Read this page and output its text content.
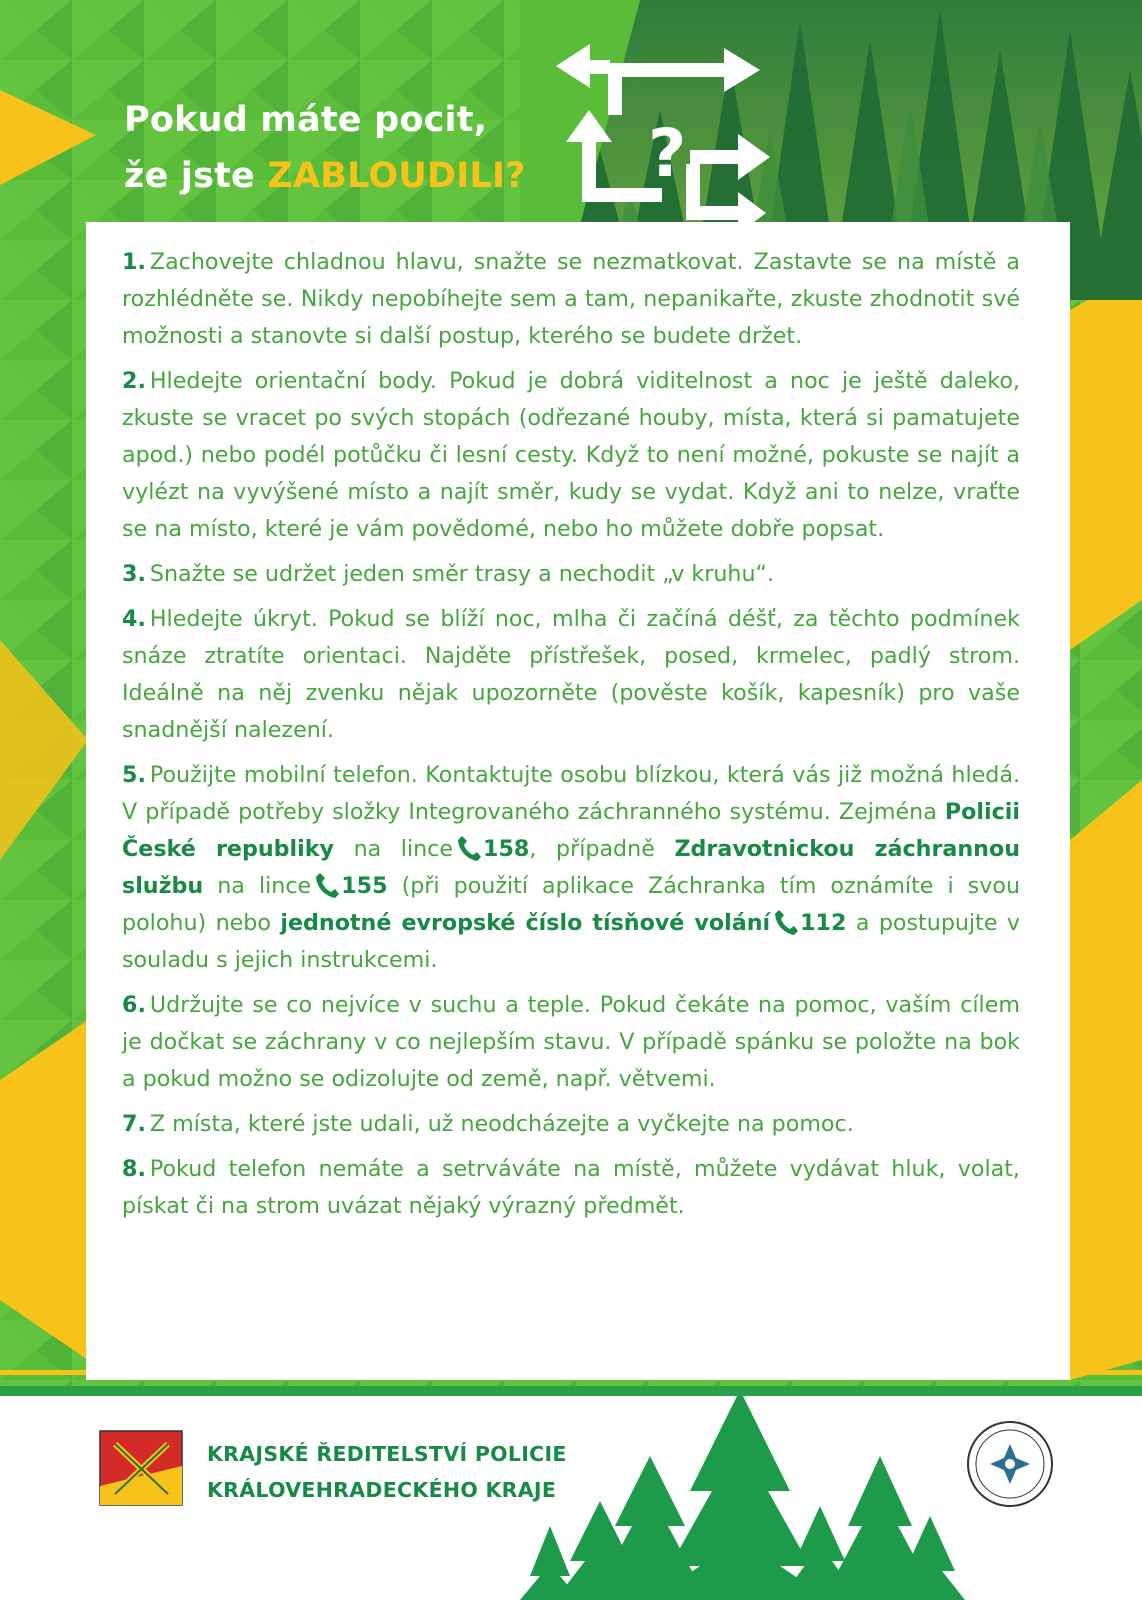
?
Pokud máte pocit,
že jste ZABLOUDILI?

1. Zachovejte chladnou hlavu, snažte se nezmatkovat. Zastavte se na místě a rozhlédněte se. Nikdy nepobíhejte sem a tam, nepanikařte, zkuste zhodnotit své možnosti a stanovte si další postup, kterého se budete držet.

2. Hledejte orientační body. Pokud je dobrá viditelnost a noc je ještě daleko, zkuste se vracet po svých stopách (odřezané houby, místa, která si pamatujete apod.) nebo podél potůčku či lesní cesty. Když to není možné, pokuste se najít a vylézt na vyvýšené místo a najít směr, kudy se vydat. Když ani to nelze, vraťte se na místo, které je vám povědomé, nebo ho můžete dobře popsat.

3. Snažte se udržet jeden směr trasy a nechodit „v kruhu“.

4. Hledejte úkryt. Pokud se blíží noc, mlha či začíná déšť, za těchto podmínek snáze ztratíte orientaci. Najděte přístřešek, posed, krmelec, padlý strom. Ideálně na něj zvenku nějak upozorněte (pověste košík, kapesník) pro vaše snadnější nalezení.

5. Použijte mobilní telefon. Kontaktujte osobu blízkou, která vás již možná hledá. V případě potřeby složky Integrovaného záchranného systému. Zejména Policii České republiky na lince 158, případně Zdravotnickou záchrannou službu na lince 155 (při použití aplikace Záchranka tím oznámíte i svou polohu) nebo jednotné evropské číslo tísňové volání 112 a postupujte v souladu s jejich instrukcemi.

6. Udržujte se co nejvíce v suchu a teple. Pokud čekáte na pomoc, vaším cílem je dočkat se záchrany v co nejlepším stavu. V případě spánku se položte na bok a pokud možno se odizolujte od země, např. větvemi.

7. Z místa, které jste udali, už neodcházejte a vyčkejte na pomoc.

8. Pokud telefon nemáte a setrváváte na místě, můžete vydávat hluk, volat, pískat či na strom uvázat nějaký výrazný předmět.

KRAJSKÉ ŘEDITELSTVÍ POLICIE
KRÁLOVEHRADECKÉHO KRAJE
